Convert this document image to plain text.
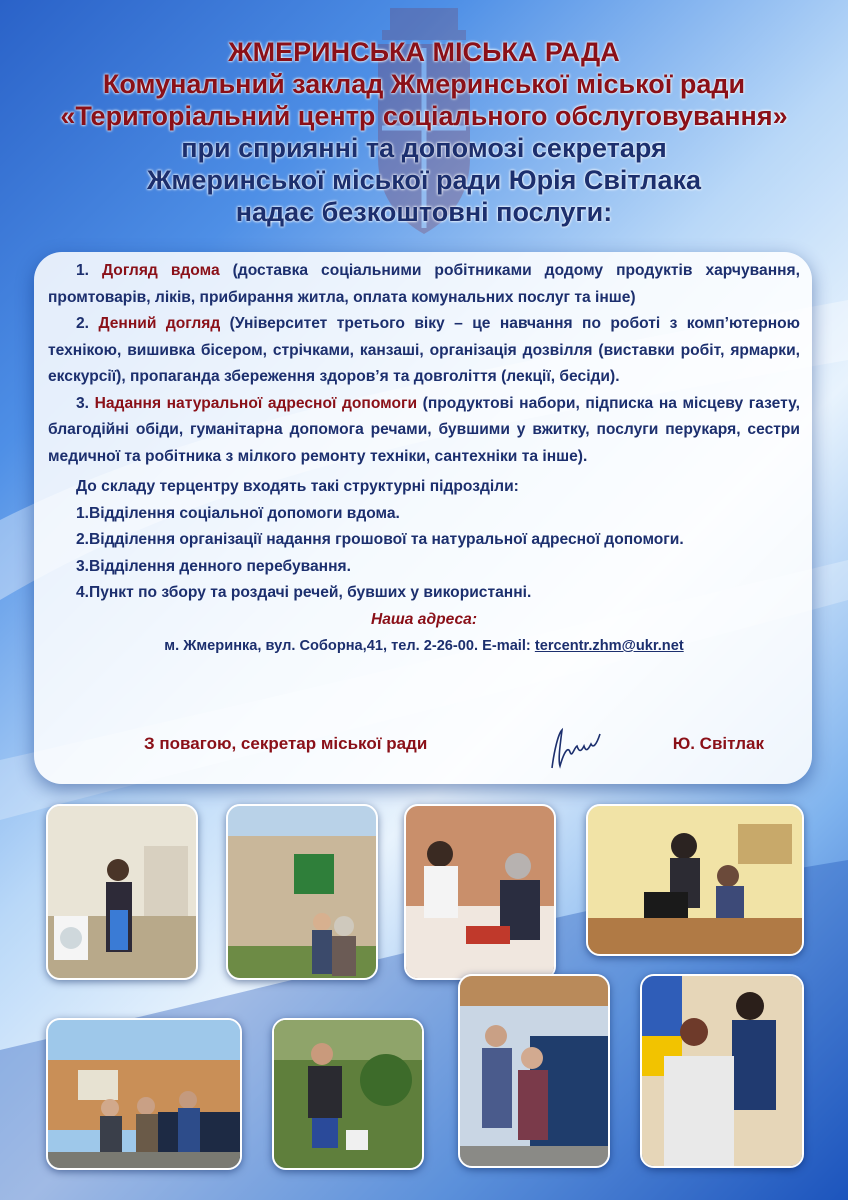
ЖМЕРИНСЬКА МІСЬКА РАДА
Комунальний заклад Жмеринської міської ради
«Територіальний центр соціального обслуговування»
при сприянні та допомозі секретаря
Жмеринської міської ради Юрія Світлака
надає безкоштовні послуги:

1. Догляд вдома (доставка соціальними робітниками додому продуктів харчування, промтоварів, ліків, прибирання житла, оплата комунальних послуг та інше)

2. Денний догляд (Університет третього віку – це навчання по роботі з комп’ютерною технікою, вишивка бісером, стрічками, канзаші, організація дозвілля (виставки робіт, ярмарки, екскурсії), пропаганда збереження здоров’я та довголіття (лекції, бесіди).

3. Надання натуральної адресної допомоги (продуктові набори, підписка на місцеву газету, благодійні обіди, гуманітарна допомога речами, бувшими у вжитку, послуги перукаря, сестри медичної та робітника з мілкого ремонту техніки, сантехніки та інше).

До складу терцентру входять такі структурні підрозділи:

1.Відділення соціальної допомоги вдома.
2.Відділення організації надання грошової та натуральної адресної допомоги.
3.Відділення денного перебування.
4.Пункт по збору та роздачі речей, бувших у використанні.
Наша адреса:
м. Жмеринка, вул. Соборна,41, тел. 2-26-00. E-mail: tercentr.zhm@ukr.net
З повагою, секретар міської ради	Ю. Світлак
